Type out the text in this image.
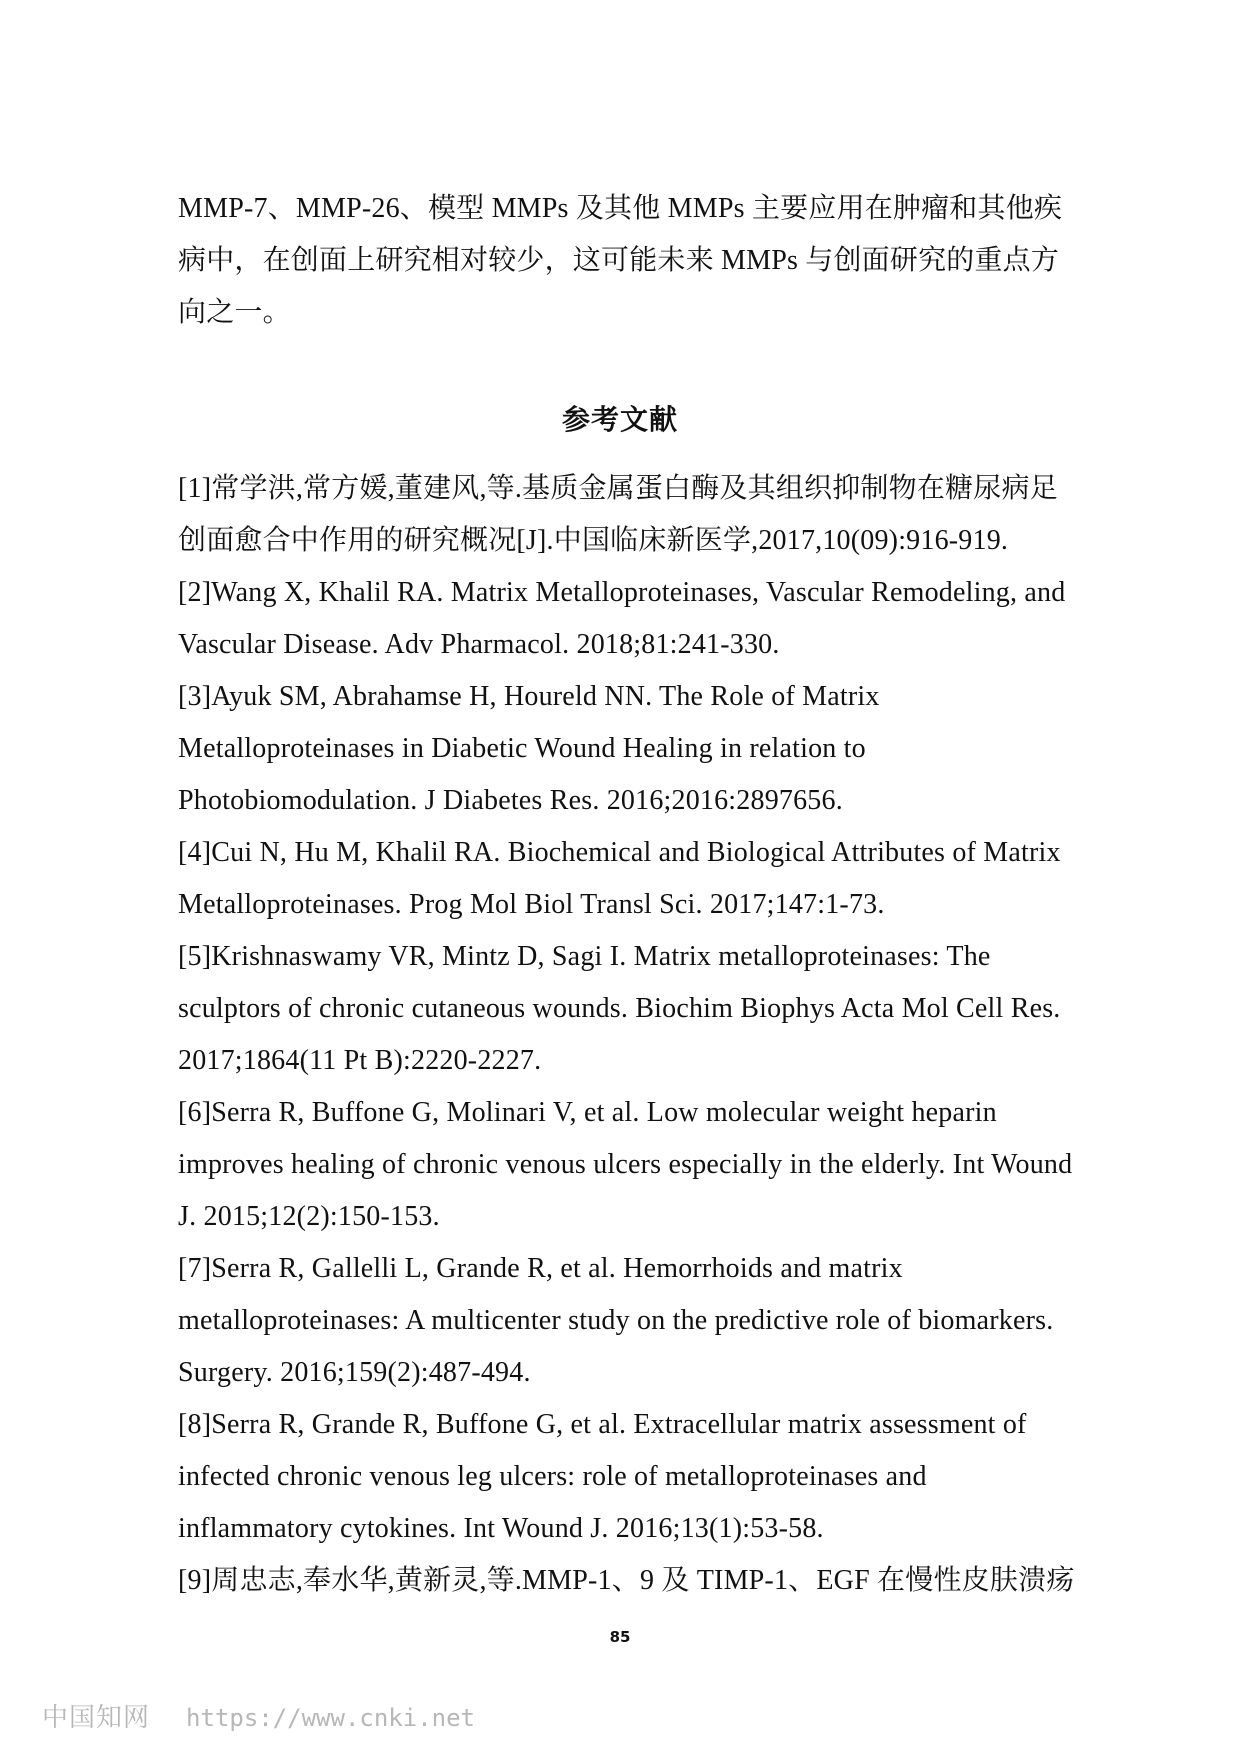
MMP-7、MMP-26、模型 MMPs 及其他 MMPs 主要应用在肿瘤和其他疾
病中，在创面上研究相对较少，这可能未来 MMPs 与创面研究的重点方
向之一。
参考文献
[1]常学洪,常方媛,董建风,等.基质金属蛋白酶及其组织抑制物在糖尿病足
创面愈合中作用的研究概况[J].中国临床新医学,2017,10(09):916-919.
[2]Wang X, Khalil RA. Matrix Metalloproteinases, Vascular Remodeling, and
Vascular Disease. Adv Pharmacol. 2018;81:241-330.
[3]Ayuk SM, Abrahamse H, Houreld NN. The Role of Matrix
Metalloproteinases in Diabetic Wound Healing in relation to
Photobiomodulation. J Diabetes Res. 2016;2016:2897656.
[4]Cui N, Hu M, Khalil RA. Biochemical and Biological Attributes of Matrix
Metalloproteinases. Prog Mol Biol Transl Sci. 2017;147:1-73.
[5]Krishnaswamy VR, Mintz D, Sagi I. Matrix metalloproteinases: The
sculptors of chronic cutaneous wounds. Biochim Biophys Acta Mol Cell Res.
2017;1864(11 Pt B):2220-2227.
[6]Serra R, Buffone G, Molinari V, et al. Low molecular weight heparin
improves healing of chronic venous ulcers especially in the elderly. Int Wound
J. 2015;12(2):150-153.
[7]Serra R, Gallelli L, Grande R, et al. Hemorrhoids and matrix
metalloproteinases: A multicenter study on the predictive role of biomarkers.
Surgery. 2016;159(2):487-494.
[8]Serra R, Grande R, Buffone G, et al. Extracellular matrix assessment of
infected chronic venous leg ulcers: role of metalloproteinases and
inflammatory cytokines. Int Wound J. 2016;13(1):53-58.
[9]周忠志,奉水华,黄新灵,等.MMP-1、9 及 TIMP-1、EGF 在慢性皮肤溃疡
85
中国知网 https://www.cnki.net
